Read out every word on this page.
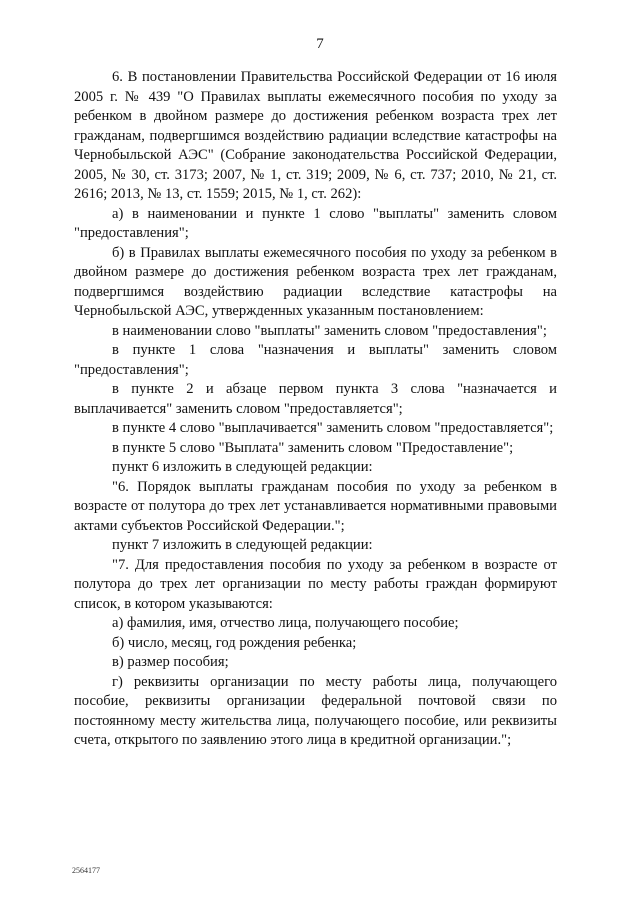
7

6. В постановлении Правительства Российской Федерации от 16 июля 2005 г. № 439 "О Правилах выплаты ежемесячного пособия по уходу за ребенком в двойном размере до достижения ребенком возраста трех лет гражданам, подвергшимся воздействию радиации вследствие катастрофы на Чернобыльской АЭС" (Собрание законодательства Российской Федерации, 2005, № 30, ст. 3173; 2007, № 1, ст. 319; 2009, № 6, ст. 737; 2010, № 21, ст. 2616; 2013, № 13, ст. 1559; 2015, № 1, ст. 262):

а) в наименовании и пункте 1 слово "выплаты" заменить словом "предоставления";

б) в Правилах выплаты ежемесячного пособия по уходу за ребенком в двойном размере до достижения ребенком возраста трех лет гражданам, подвергшимся воздействию радиации вследствие катастрофы на Чернобыльской АЭС, утвержденных указанным постановлением:

в наименовании слово "выплаты" заменить словом "предоставления";

в пункте 1 слова "назначения и выплаты" заменить словом "предоставления";

в пункте 2 и абзаце первом пункта 3 слова "назначается и выплачивается" заменить словом "предоставляется";

в пункте 4 слово "выплачивается" заменить словом "предоставляется";

в пункте 5 слово "Выплата" заменить словом "Предоставление";

пункт 6 изложить в следующей редакции:

"6. Порядок выплаты гражданам пособия по уходу за ребенком в возрасте от полутора до трех лет устанавливается нормативными правовыми актами субъектов Российской Федерации.";

пункт 7 изложить в следующей редакции:

"7. Для предоставления пособия по уходу за ребенком в возрасте от полутора до трех лет организации по месту работы граждан формируют список, в котором указываются:

а) фамилия, имя, отчество лица, получающего пособие;

б) число, месяц, год рождения ребенка;

в) размер пособия;

г) реквизиты организации по месту работы лица, получающего пособие, реквизиты организации федеральной почтовой связи по постоянному месту жительства лица, получающего пособие, или реквизиты счета, открытого по заявлению этого лица в кредитной организации.";

2564177
